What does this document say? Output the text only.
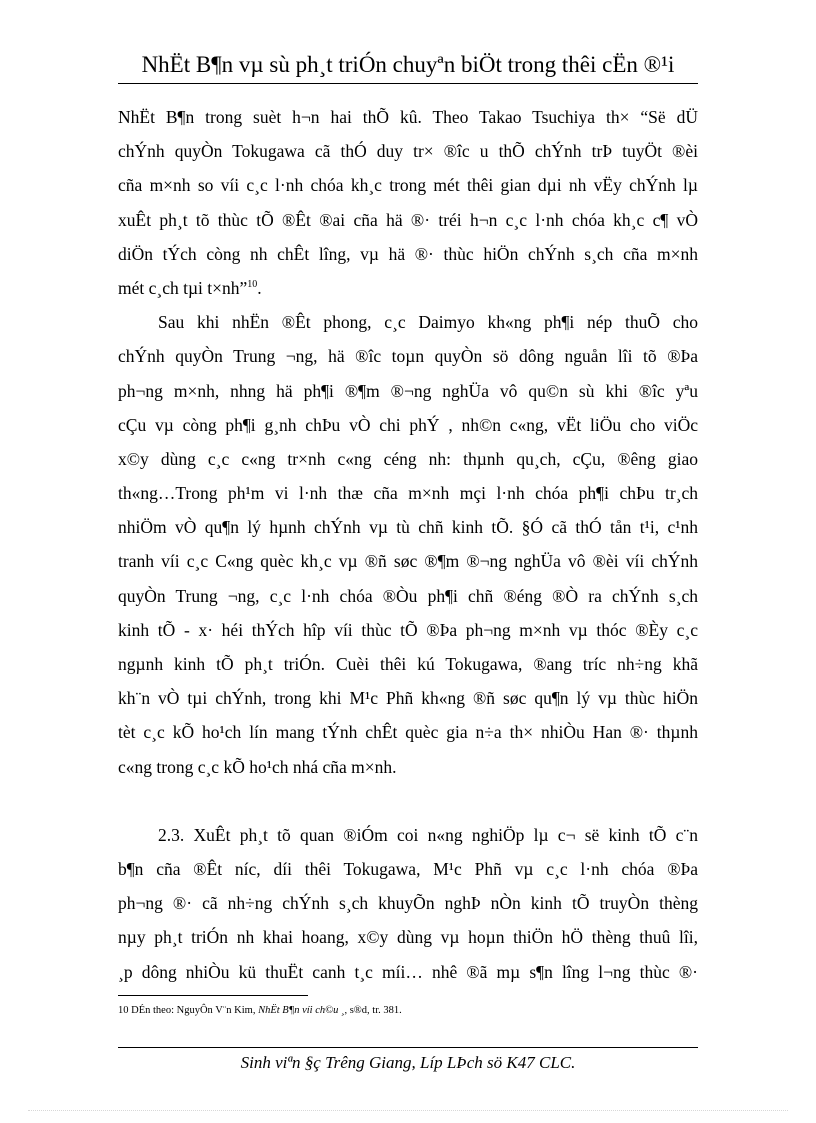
NhËt B¶n vµ sù ph¸t triÓn chuyªn biÖt trong thêi cËn ®¹i

NhËt B¶n trong suèt h¬n hai thÕ kû. Theo Takao Tsuchiya th× “Së dÜ
chÝnh quyÒn Tokugawa cã thÓ duy tr× ®îc u thÕ chÝnh trÞ tuyÖt ®èi
cña m×nh so víi c¸c l·nh chóa kh¸c trong mét thêi gian dµi nh vËy chÝnh lµ
xuÊt ph¸t tõ thùc tÕ ®Êt ®ai cña hä ®· tréi h¬n c¸c l·nh chóa kh¸c c¶ vÒ
diÖn tÝch còng nh chÊt lîng, vµ hä ®· thùc hiÖn chÝnh s¸ch cña m×nh
mét c¸ch tµi t×nh”$^{10}$.

Sau khi nhËn ®Êt phong, c¸c Daimyo kh«ng ph¶i nép thuÕ cho
chÝnh quyÒn Trung ¬ng, hä ®îc toµn quyÒn sö dông nguån lîi tõ ®Þa
ph¬ng m×nh, nhng hä ph¶i ®¶m ®¬ng nghÜa vô qu©n sù khi ®îc yªu
cÇu vµ còng ph¶i g¸nh chÞu vÒ chi phÝ , nh©n c«ng, vËt liÖu cho viÖc
x©y dùng c¸c c«ng tr×nh c«ng céng nh: thµnh qu¸ch, cÇu, ®êng giao
th«ng…Trong ph¹m vi l·nh thæ cña m×nh mçi l·nh chóa ph¶i chÞu tr¸ch
nhiÖm vÒ qu¶n lý hµnh chÝnh vµ tù chñ kinh tÕ. §Ó cã thÓ tån t¹i, c¹nh
tranh víi c¸c C«ng quèc kh¸c vµ ®ñ søc ®¶m ®¬ng nghÜa vô ®èi víi chÝnh
quyÒn Trung ¬ng, c¸c l·nh chóa ®Òu ph¶i chñ ®éng ®Ò ra chÝnh s¸ch
kinh tÕ - x· héi thÝch hîp víi thùc tÕ ®Þa ph¬ng m×nh vµ thóc ®Èy c¸c
ngµnh kinh tÕ ph¸t triÓn. Cuèi thêi kú Tokugawa, ®ang tríc nh÷ng khã
kh¨n vÒ tµi chÝnh, trong khi M¹c Phñ kh«ng ®ñ søc qu¶n lý vµ thùc hiÖn
tèt c¸c kÕ ho¹ch lín mang tÝnh chÊt quèc gia n÷a th× nhiÒu Han ®· thµnh
c«ng trong c¸c kÕ ho¹ch nhá cña m×nh.

2.3. XuÊt ph¸t tõ quan ®iÓm coi n«ng nghiÖp lµ c¬ së kinh tÕ c¨n
b¶n cña ®Êt níc, díi thêi Tokugawa, M¹c Phñ vµ c¸c l·nh chóa ®Þa
ph¬ng ®· cã nh÷ng chÝnh s¸ch khuyÕn nghÞ nÒn kinh tÕ truyÒn thèng
nµy ph¸t triÓn nh khai hoang, x©y dùng vµ hoµn thiÖn hÖ thèng thuû lîi,
¸p dông nhiÒu kü thuËt canh t¸c míi… nhê ®ã mµ s¶n lîng l¬ng thùc ®·

10 DÉn theo: NguyÔn V¨n Kim, NhËt B¶n víi ch©u ¸, s®d, tr. 381.
Sinh viªn §ç Trêng Giang, Líp LÞch sö K47 CLC.
